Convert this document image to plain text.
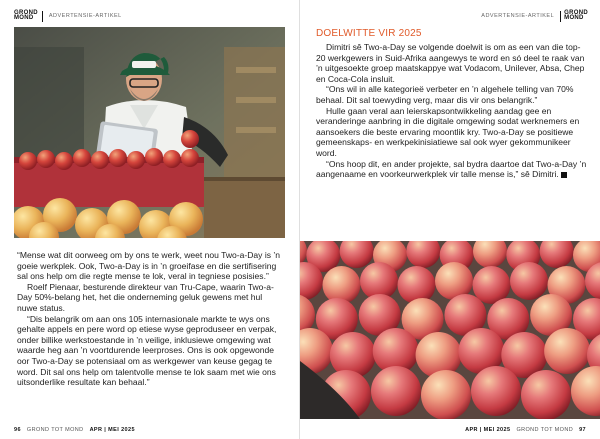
GROND
MOND	ADVERTENSIE-ARTIKEL

“Mense wat dit oorweeg om by ons te werk, weet nou Two-a-Day is ’n goeie werkplek. Ook, Two-a-Day is in ’n groeifase en die sertifisering sal ons help om die regte mense te lok, veral in tegniese posisies.”

Roelf Pienaar, besturende direkteur van Tru-Cape, waarin Two-a-Day 50%-belang het, het die onderneming geluk gewens met hul nuwe status.

“Dis belangrik om aan ons 105 internasionale markte te wys ons gehalte appels en pere word op etiese wyse geproduseer en verpak, onder billike werkstoestande in ’n veilige, inklusiewe omgewing wat waarde heg aan ’n voortdurende leerproses. Ons is ook opgewonde oor Two-a-Day se potensiaal om as werkgewer van keuse gegag te word. Dit sal ons help om talentvolle mense te lok saam met wie ons uitsonderlike resultate kan behaal.”

96 GROND TOT MOND APR | MEI 2025
ADVERTENSIE-ARTIKEL
GROND
MOND
APR | MEI 2025 GROND TOT MOND 97
DOELWITTE VIR 2025

Dimitri sê Two-a-Day se volgende doelwit is om as een van die top-20 werkgewers in Suid-Afrika aangewys te word en só deel te raak van ’n uitgesoekte groep maatskappye wat Vodacom, Unilever, Absa, Chep en Coca-Cola insluit.

“Ons wil in alle kategorieë verbeter en ’n algehele telling van 70% behaal. Dit sal toewyding verg, maar dis vir ons belangrik.”

Hulle gaan veral aan leierskapsontwikkeling aandag gee en veranderinge aanbring in die digitale omgewing sodat werknemers en aansoekers die beste ervaring moontlik kry. Two-a-Day se positiewe gemeenskaps- en werkpekinisiatiewe sal ook wyer gekommunikeer word.

“Ons hoop dit, en ander projekte, sal bydra daartoe dat Two-a-Day ’n aangenaame en voorkeurwerkplek vir talle mense is,” sê Dimitri.
